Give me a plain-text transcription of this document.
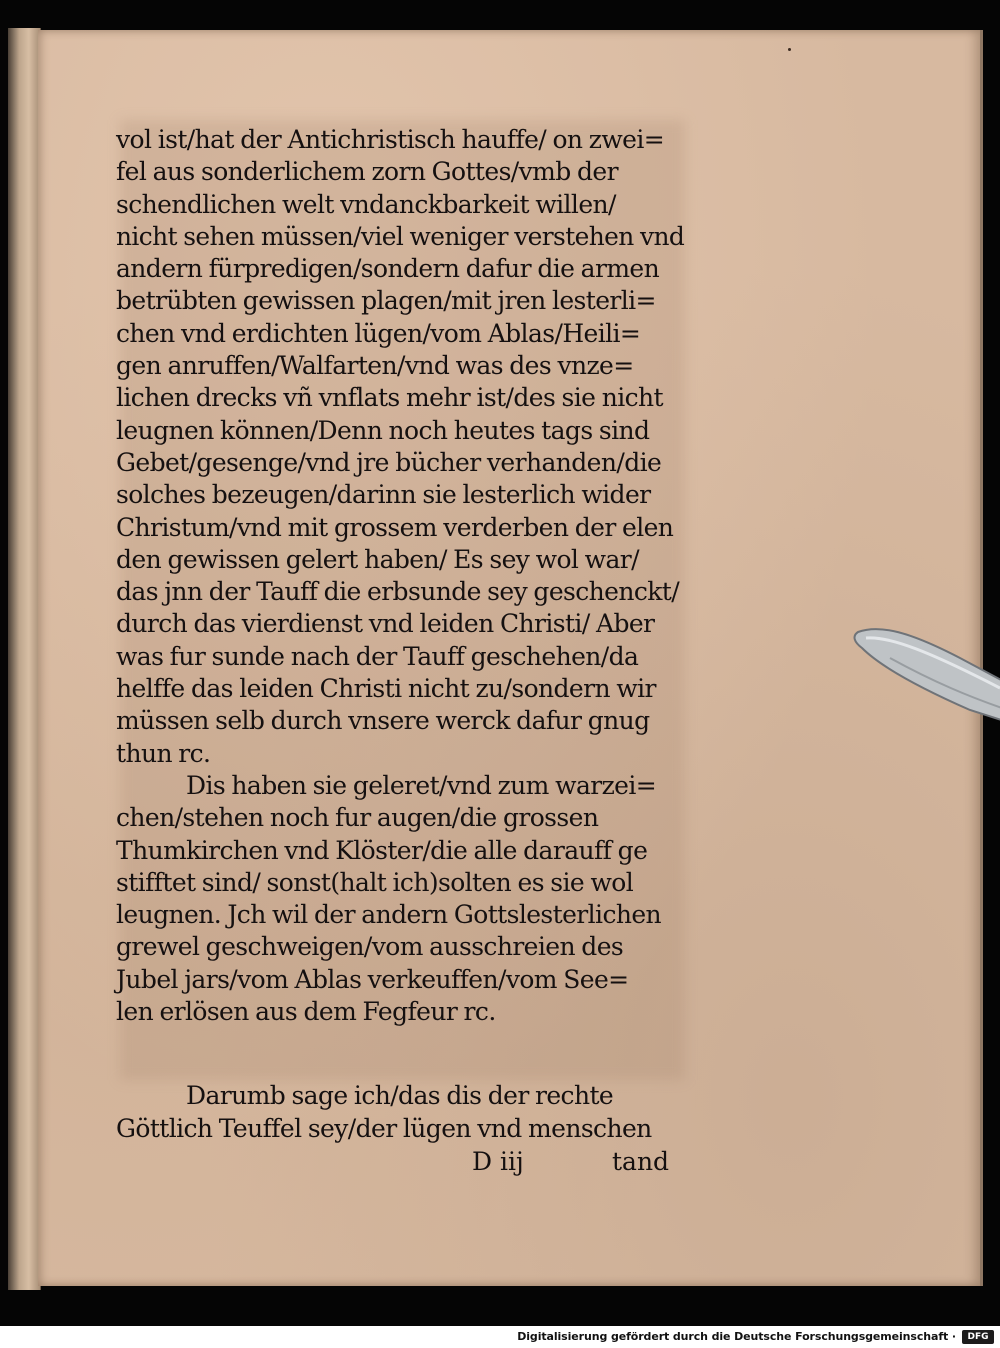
vol ist/hat der Antichristisch hauffe/ on zwei=
fel aus sonderlichem zorn Gottes/vmb der
schendlichen welt vndanckbarkeit willen/
nicht sehen müssen/viel weniger verstehen vnd
andern fürpredigen/sondern dafur die armen
betrübten gewissen plagen/mit jren lesterli=
chen vnd erdichten lügen/vom Ablas/Heili=
gen anruffen/Walfarten/vnd was des vnze=
lichen drecks vñ vnflats mehr ist/des sie nicht
leugnen können/Denn noch heutes tags sind
Gebet/gesenge/vnd jre bücher verhanden/die
solches bezeugen/darinn sie lesterlich wider
Christum/vnd mit grossem verderben der elen
den gewissen gelert haben/ Es sey wol war/
das jnn der Tauff die erbsunde sey geschenckt/
durch das vierdienst vnd leiden Christi/ Aber
was fur sunde nach der Tauff geschehen/da
helffe das leiden Christi nicht zu/sondern wir
müssen selb durch vnsere werck dafur gnug
thun rc.
Dis haben sie geleret/vnd zum warzei=
chen/stehen noch fur augen/die grossen
Thumkirchen vnd Klöster/die alle darauff ge
stifftet sind/ sonst(halt ich)solten es sie wol
leugnen. Jch wil der andern Gottslesterlichen
grewel geschweigen/vom ausschreien des
Jubel jars/vom Ablas verkeuffen/vom See=
len erlösen aus dem Fegfeur rc.
Darumb sage ich/das dis der rechte
Göttlich Teuffel sey/der lügen vnd menschen
D iij	tand
Digitalisierung gefördert durch die Deutsche Forschungsgemeinschaft ·	DFG
